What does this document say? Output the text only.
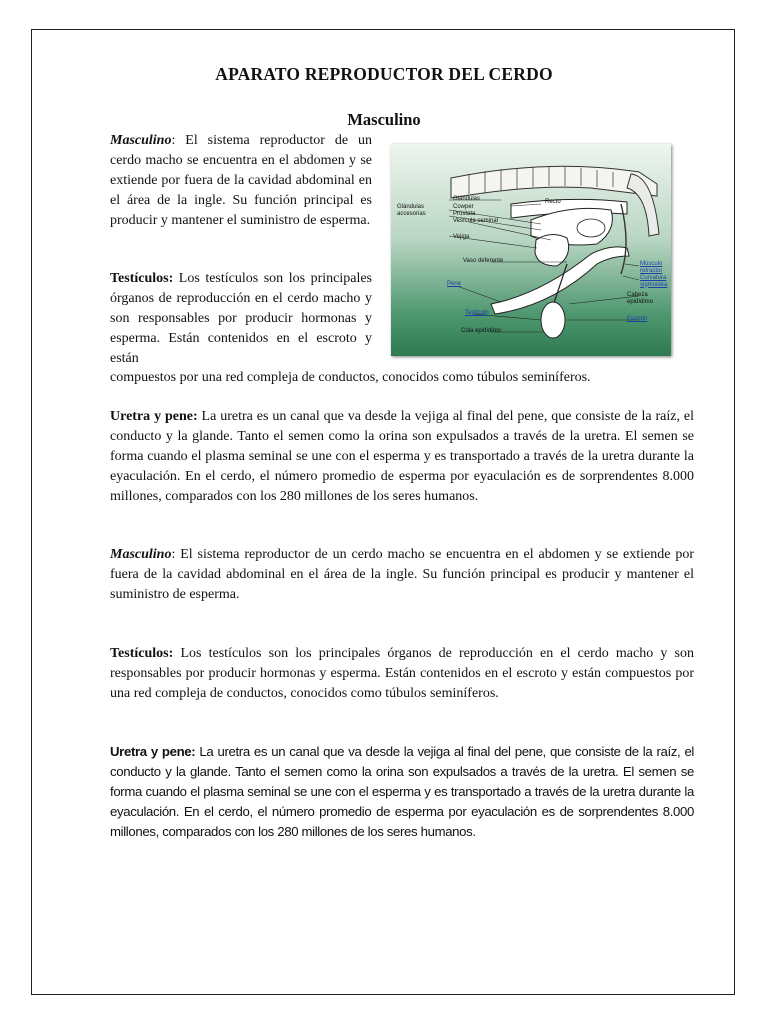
APARATO REPRODUCTOR DEL CERDO
Masculino
Masculino: El sistema reproductor de un cerdo macho se encuentra en el abdomen y se extiende por fuera de la cavidad abdominal en el área de la ingle. Su función principal es producir y mantener el suministro de esperma.
Testículos: Los testículos son los principales órganos de reproducción en el cerdo macho y son responsables por producir hormonas y esperma. Están contenidos en el escroto y están
compuestos por una red compleja de conductos, conocidos como túbulos seminíferos.
Glándulas
accesorias
Glándulas
Cowper
Próstata
Vesícula seminal
Recto
Vejiga
Vaso deferente
Pene
Testículo
Cola epidídimo
Músculo
retractor
Curvatura
sigmoidea
Cabeza
epidídimo
Escroto
Uretra y pene: La uretra es un canal que va desde la vejiga al final del pene, que consiste de la raíz, el conducto y la glande. Tanto el semen como la orina son expulsados a través de la uretra. El semen se forma cuando el plasma seminal se une con el esperma y es transportado a través de la uretra durante la eyaculación. En el cerdo, el número promedio de esperma por eyaculación es de sorprendentes 8.000 millones, comparados con los 280 millones de los seres humanos.
Masculino: El sistema reproductor de un cerdo macho se encuentra en el abdomen y se extiende por fuera de la cavidad abdominal en el área de la ingle. Su función principal es producir y mantener el suministro de esperma.
Testículos: Los testículos son los principales órganos de reproducción en el cerdo macho y son responsables por producir hormonas y esperma. Están contenidos en el escroto y están compuestos por una red compleja de conductos, conocidos como túbulos seminíferos.
Uretra y pene: La uretra es un canal que va desde la vejiga al final del pene, que consiste de la raíz, el conducto y la glande. Tanto el semen como la orina son expulsados a través de la uretra. El semen se forma cuando el plasma seminal se une con el esperma y es transportado a través de la uretra durante la eyaculación. En el cerdo, el número promedio de esperma por eyaculación es de sorprendentes 8.000 millones, comparados con los 280 millones de los seres humanos.
